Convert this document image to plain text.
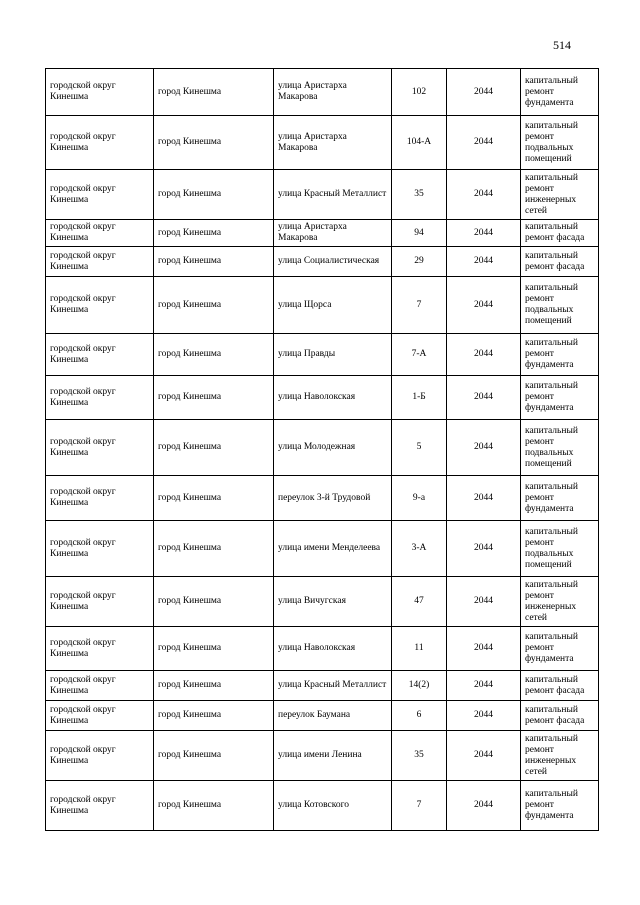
514
городской округ Кинешма	город Кинешма	улица Аристарха Макарова	102	2044	капитальный ремонт фундамента
городской округ Кинешма	город Кинешма	улица Аристарха Макарова	104-А	2044	капитальный ремонт подвальных помещений
городской округ Кинешма	город Кинешма	улица Красный Металлист	35	2044	капитальный ремонт инженерных сетей
городской округ Кинешма	город Кинешма	улица Аристарха Макарова	94	2044	капитальный ремонт фасада
городской округ Кинешма	город Кинешма	улица Социалистическая	29	2044	капитальный ремонт фасада
городской округ Кинешма	город Кинешма	улица Щорса	7	2044	капитальный ремонт подвальных помещений
городской округ Кинешма	город Кинешма	улица Правды	7-А	2044	капитальный ремонт фундамента
городской округ Кинешма	город Кинешма	улица Наволокская	1-Б	2044	капитальный ремонт фундамента
городской округ Кинешма	город Кинешма	улица Молодежная	5	2044	капитальный ремонт подвальных помещений
городской округ Кинешма	город Кинешма	переулок 3-й Трудовой	9-а	2044	капитальный ремонт фундамента
городской округ Кинешма	город Кинешма	улица имени Менделеева	3-А	2044	капитальный ремонт подвальных помещений
городской округ Кинешма	город Кинешма	улица Вичугская	47	2044	капитальный ремонт инженерных сетей
городской округ Кинешма	город Кинешма	улица Наволокская	11	2044	капитальный ремонт фундамента
городской округ Кинешма	город Кинешма	улица Красный Металлист	14(2)	2044	капитальный ремонт фасада
городской округ Кинешма	город Кинешма	переулок Баумана	6	2044	капитальный ремонт фасада
городской округ Кинешма	город Кинешма	улица имени Ленина	35	2044	капитальный ремонт инженерных сетей
городской округ Кинешма	город Кинешма	улица Котовского	7	2044	капитальный ремонт фундамента
